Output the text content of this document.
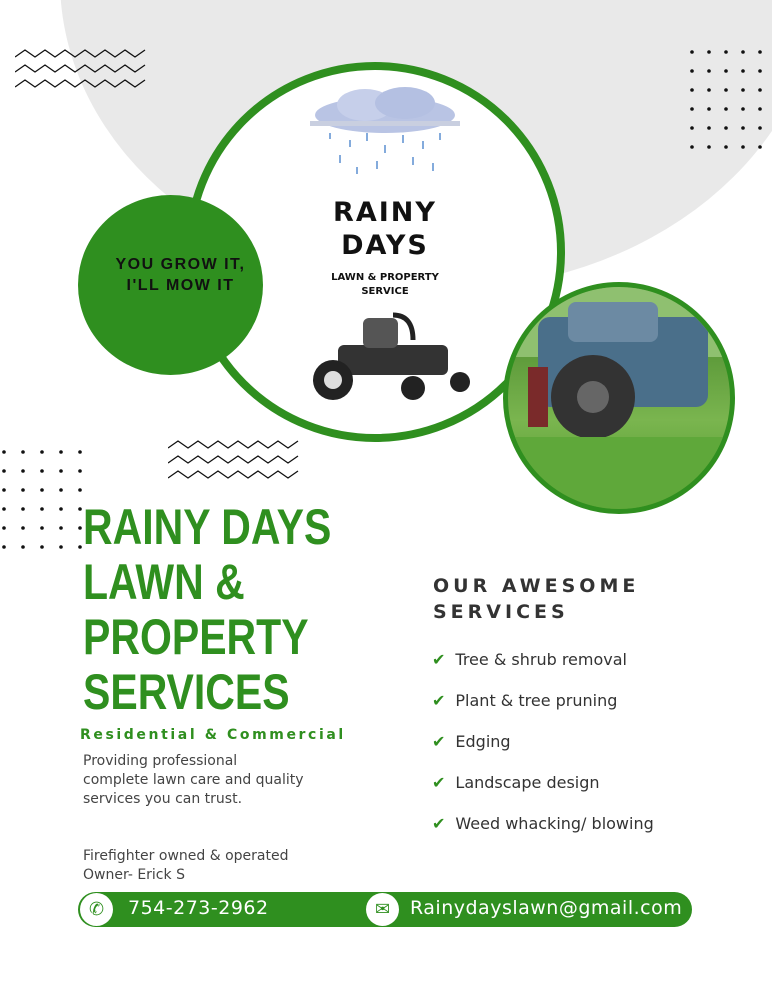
RAINY
DAYS
LAWN & PROPERTY
SERVICE
YOU GROW IT,
I'LL MOW IT
RAINY DAYS
LAWN &
PROPERTY
SERVICES
Residential & Commercial
Providing professional
complete lawn care and quality
services you can trust.
Firefighter owned & operated
Owner- Erick S
OUR AWESOME
SERVICES
✔ Tree & shrub removal
✔ Plant & tree pruning
✔ Edging
✔ Landscape design
✔ Weed whacking/ blowing
✆	754-273-2962	✉	Rainydayslawn@gmail.com
